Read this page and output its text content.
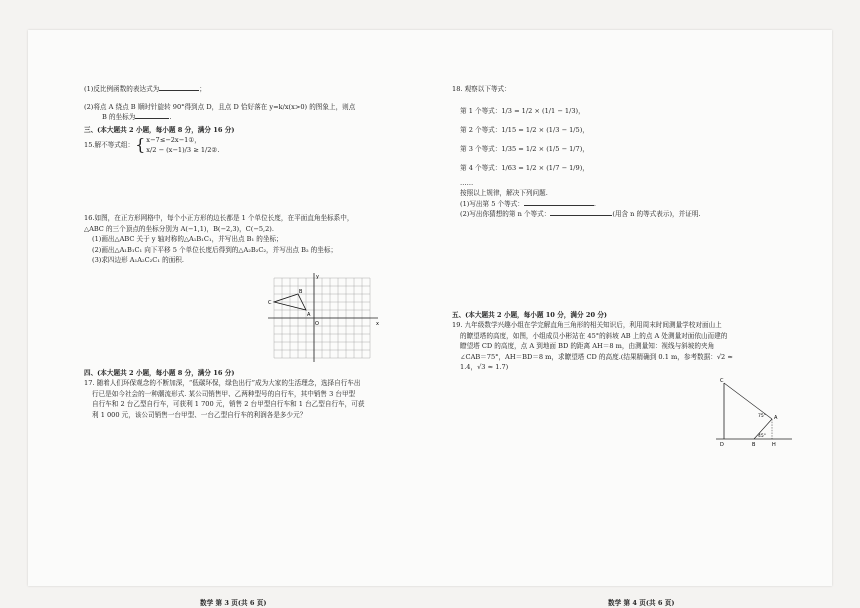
(1)反比例函数的表达式为	；

(2)将点 A 绕点 B 顺时针旋转 90°得到点 D，且点 D 恰好落在 y=k/x(x>0) 的图象上，则点

B 的坐标为	.

三、(本大题共 2 小题，每小题 8 分，满分 16 分)

15.解不等式组： { x−7≤−2x−1①，
x/2 − (x−1)/3 ≥ 1/2②.

16.如图，在正方形网格中，每个小正方形的边长都是 1 个单位长度，在平面直角坐标系中，

△ABC 的三个顶点的坐标分别为 A(−1,1)，B(−2,3)，C(−5,2).

(1)画出△ABC 关于 y 轴对称的△A₁B₁C₁，并写出点 B₁ 的坐标；

(2)画出△A₁B₁C₁ 向下平移 5 个单位长度后得到的△A₂B₂C₂，并写出点 B₂ 的坐标；

(3)求四边形 A₁A₂C₂C₁ 的面积.

y
x
O
A
B
C

四、(本大题共 2 小题，每小题 8 分，满分 16 分)

17. 随着人们环保观念的不断加深，“低碳环保，绿色出行”成为大家的生活理念，选择自行车出

行已是如今社会的一种潮流形式. 某公司销售甲、乙两种型号的自行车，其中销售 3 台甲型

自行车和 2 台乙型自行车，可获利 1 700 元，销售 2 台甲型自行车和 1 台乙型自行车，可获

利 1 000 元，该公司销售一台甲型、一台乙型自行车的利润各是多少元？

18. 观察以下等式：

第 1 个等式：1/3 = 1/2 × (1/1 − 1/3)，

第 2 个等式：1/15 = 1/2 × (1/3 − 1/5)，

第 3 个等式：1/35 = 1/2 × (1/5 − 1/7)，

第 4 个等式：1/63 = 1/2 × (1/7 − 1/9)，

……

按照以上规律，解决下列问题.

(1)写出第 5 个等式：	.

(2)写出你猜想的第 n 个等式：	(用含 n 的等式表示)，并证明.

五、(本大题共 2 小题，每小题 10 分，满分 20 分)

19. 九年级数学兴趣小组在学完解直角三角形的相关知识后，利用周末时间测量学校对面山上

的瞭望塔的高度，如图，小组成员小彬站在 45°的斜坡 AB 上的点 A 处测量对面依山而建的

瞭望塔 CD 的高度，点 A 到地面 BD 的距离 AH＝8 m，由测量知：视线与斜坡的夹角

∠CAB＝75°，AH＝BD＝8 m，求瞭望塔 CD 的高度.(结果精确到 0.1 m，参考数据：√2 ≈

1.4，√3 ≈ 1.7)

C
A
D	B	H
75°
45°
数学 第 3 页(共 6 页)	数学 第 4 页(共 6 页)
